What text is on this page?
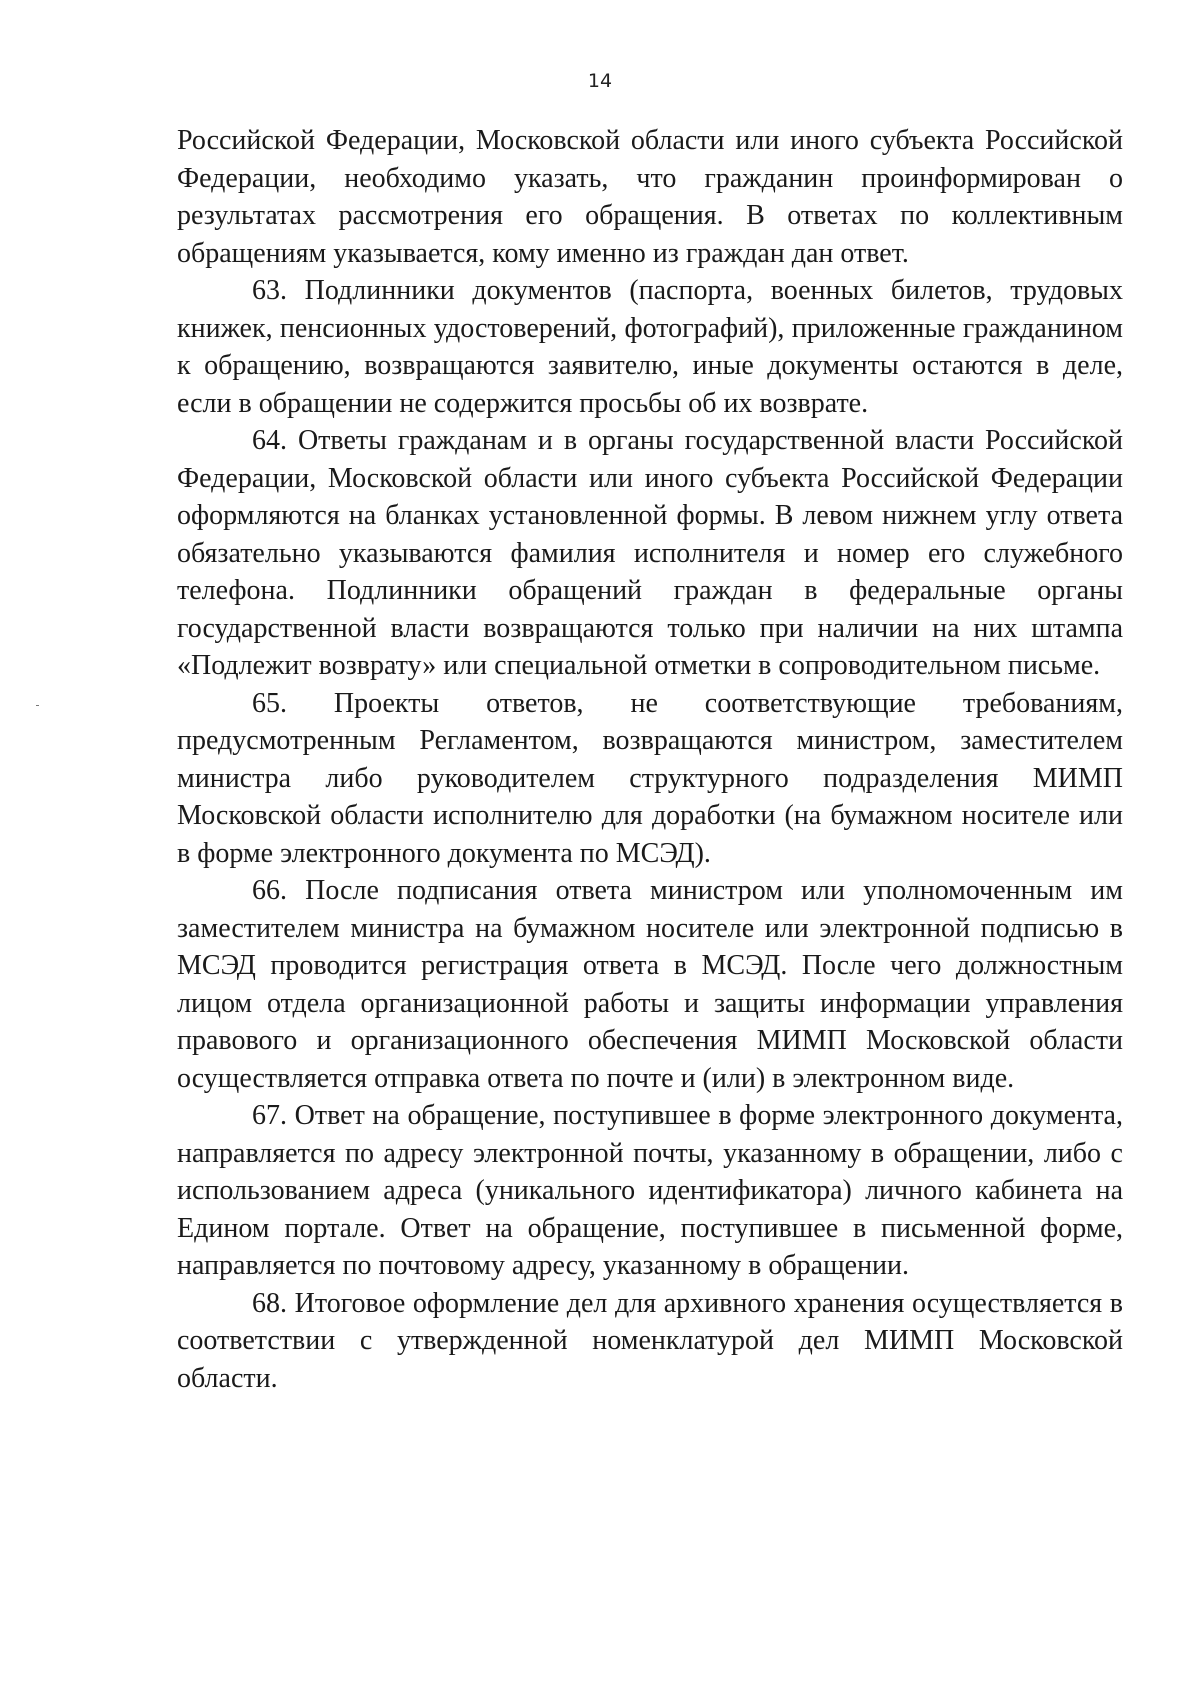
14

Российской Федерации, Московской области или иного субъекта Российской Федерации, необходимо указать, что гражданин проинформирован о результатах рассмотрения его обращения. В ответах по коллективным обращениям указывается, кому именно из граждан дан ответ.

63. Подлинники документов (паспорта, военных билетов, трудовых книжек, пенсионных удостоверений, фотографий), приложенные гражданином к обращению, возвращаются заявителю, иные документы остаются в деле, если в обращении не содержится просьбы об их возврате.

64. Ответы гражданам и в органы государственной власти Российской Федерации, Московской области или иного субъекта Российской Федерации оформляются на бланках установленной формы. В левом нижнем углу ответа обязательно указываются фамилия исполнителя и номер его служебного телефона. Подлинники обращений граждан в федеральные органы государственной власти возвращаются только при наличии на них штампа «Подлежит возврату» или специальной отметки в сопроводительном письме.

65. Проекты ответов, не соответствующие требованиям, предусмотренным Регламентом, возвращаются министром, заместителем министра либо руководителем структурного подразделения МИМП Московской области исполнителю для доработки (на бумажном носителе или в форме электронного документа по МСЭД).

66. После подписания ответа министром или уполномоченным им заместителем министра на бумажном носителе или электронной подписью в МСЭД проводится регистрация ответа в МСЭД. После чего должностным лицом отдела организационной работы и защиты информации управления правового и организационного обеспечения МИМП Московской области осуществляется отправка ответа по почте и (или) в электронном виде.

67. Ответ на обращение, поступившее в форме электронного документа, направляется по адресу электронной почты, указанному в обращении, либо с использованием адреса (уникального идентификатора) личного кабинета на Едином портале. Ответ на обращение, поступившее в письменной форме, направляется по почтовому адресу, указанному в обращении.

68. Итоговое оформление дел для архивного хранения осуществляется в соответствии с утвержденной номенклатурой дел МИМП Московской области.
